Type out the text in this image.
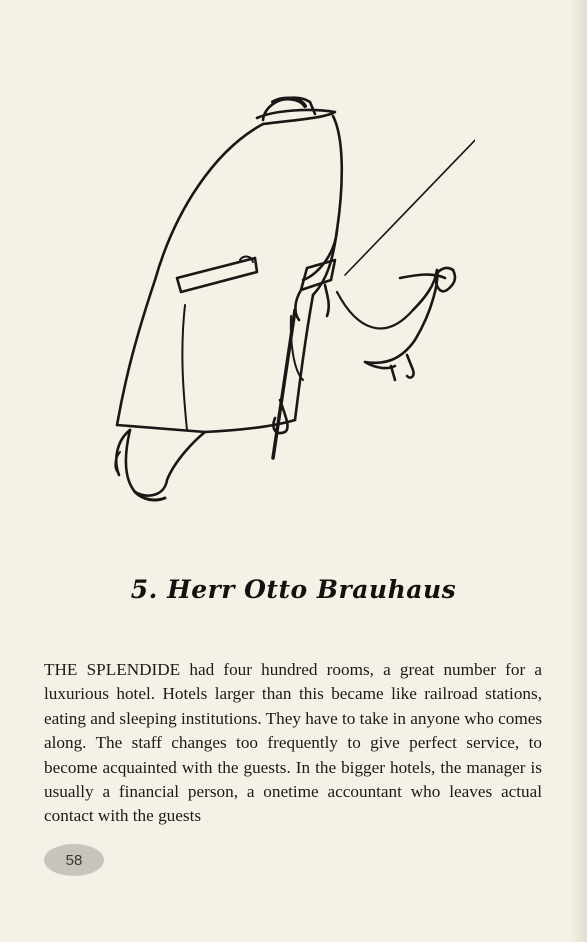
5. Herr Otto Brauhaus

THE SPLENDIDE had four hundred rooms, a great number for a luxurious hotel. Hotels larger than this became like railroad stations, eating and sleeping institutions. They have to take in anyone who comes along. The staff changes too frequently to give perfect service, to become acquainted with the guests. In the bigger hotels, the manager is usually a financial person, a onetime accountant who leaves actual contact with the guests

58
